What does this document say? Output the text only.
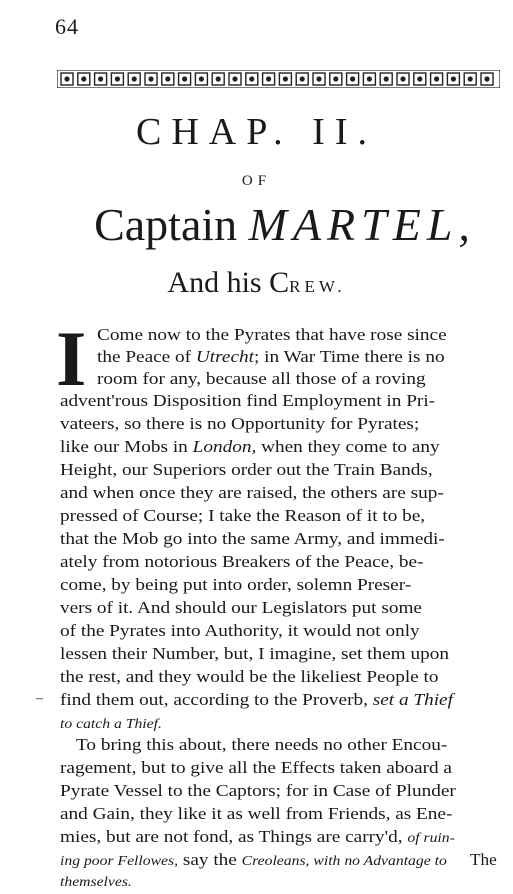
64
CHAP. II.
OF
Captain MARTEL,
And his CREW.
I Come now to the Pyrates that have rose since
the Peace of Utrecht; in War Time there is no
room for any, because all those of a roving
advent'rous Disposition find Employment in Pri-
vateers, so there is no Opportunity for Pyrates;
like our Mobs in London, when they come to any
Height, our Superiors order out the Train Bands,
and when once they are raised, the others are sup-
pressed of Course; I take the Reason of it to be,
that the Mob go into the same Army, and immedi-
ately from notorious Breakers of the Peace, be-
come, by being put into order, solemn Preser-
vers of it. And should our Legislators put some
of the Pyrates into Authority, it would not only
lessen their Number, but, I imagine, set them upon
the rest, and they would be the likeliest People to
find them out, according to the Proverb, set a Thief
to catch a Thief.
To bring this about, there needs no other Encou-
ragement, but to give all the Effects taken aboard a
Pyrate Vessel to the Captors; for in Case of Plunder
and Gain, they like it as well from Friends, as Ene-
mies, but are not fond, as Things are carry'd, of ruin-
ing poor Fellowes, say the Creoleans, with no Advantage to
themselves.
The
–
